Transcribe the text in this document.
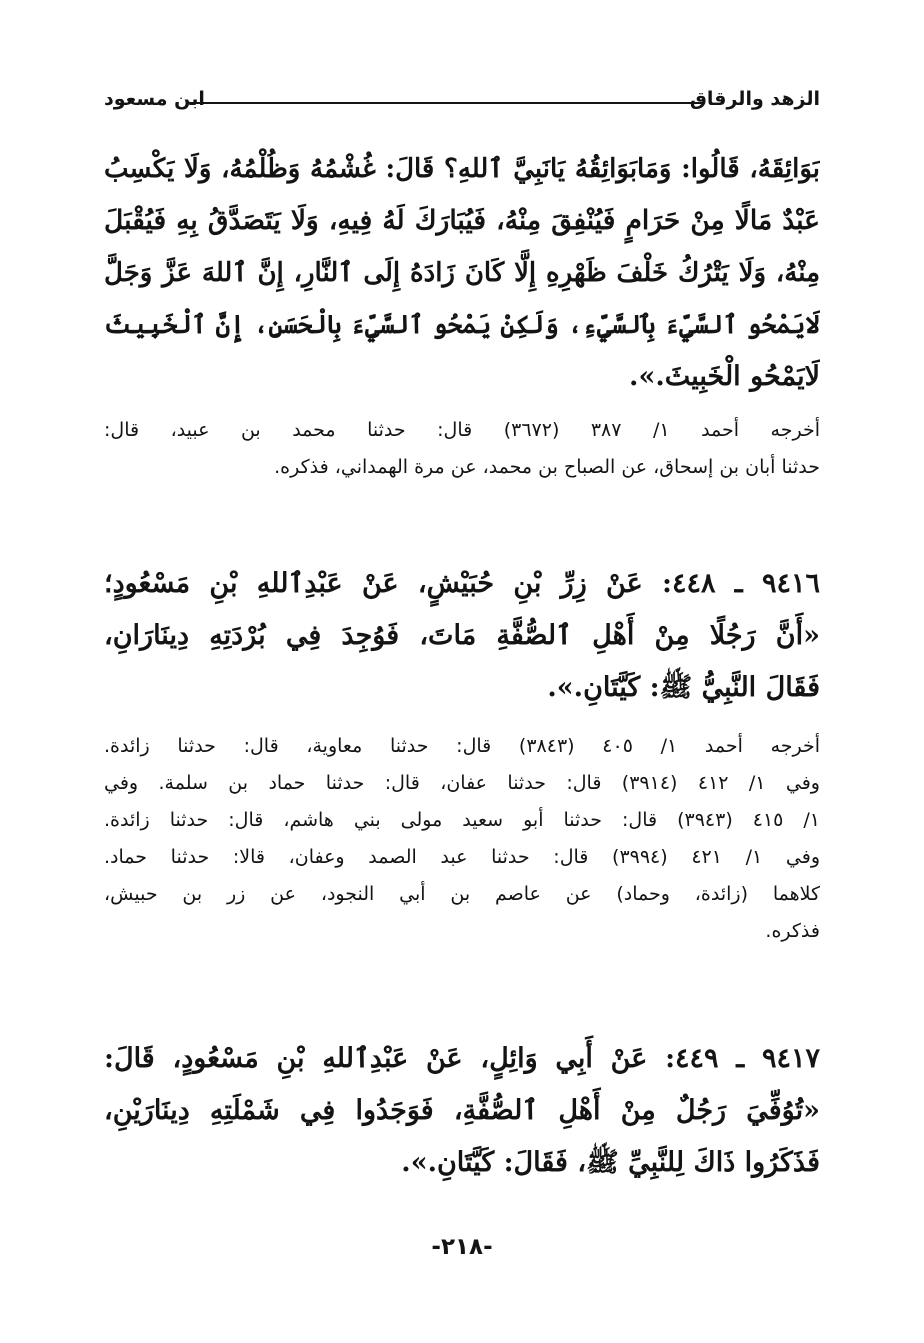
الزهد والرقاق
ابن مسعود
بَوَائِقَهُ، قَالُوا: وَمَابَوَائِقُهُ يَانَبِيَّ ٱللهِ؟ قَالَ: غُشْمُهُ وَظُلْمُهُ، وَلَا يَكْسِبُ
عَبْدٌ مَالًا مِنْ حَرَامٍ فَيُنْفِقَ مِنْهُ، فَيُبَارَكَ لَهُ فِيهِ، وَلَا يَتَصَدَّقُ بِهِ فَيُقْبَلَ
مِنْهُ، وَلَا يَتْرُكُ خَلْفَ ظَهْرِهِ إِلَّا كَانَ زَادَهُ إِلَى ٱلنَّارِ، إِنَّ ٱللهَ عَزَّ وَجَلَّ
لَايَمْحُو ٱلسَّيِّءَ بِٱلسَّيِّءِ، وَلَكِنْ يَمْحُو ٱلسَّيِّءَ بِالْحَسَنِ، إِنَّ ٱلْخَبِيثَ
لَايَمْحُو الْخَبِيثَ.».
أخرجه أحمد ١/ ٣٨٧ (٣٦٧٢) قال: حدثنا محمد بن عبيد، قال:
حدثنا أبان بن إسحاق، عن الصباح بن محمد، عن مرة الهمداني، فذكره.
٩٤١٦ ـ ٤٤٨: عَنْ زِرِّ بْنِ حُبَيْشٍ، عَنْ عَبْدِٱللهِ بْنِ مَسْعُودٍ؛
«أَنَّ رَجُلًا مِنْ أَهْلِ ٱلصُّفَّةِ مَاتَ، فَوُجِدَ فِي بُرْدَتِهِ دِينَارَانِ،
فَقَالَ النَّبِيُّ ﷺ: كَيَّتَانِ.».
أخرجه أحمد ١/ ٤٠٥ (٣٨٤٣) قال: حدثنا معاوية، قال: حدثنا زائدة.
وفي ١/ ٤١٢ (٣٩١٤) قال: حدثنا عفان، قال: حدثنا حماد بن سلمة. وفي
١/ ٤١٥ (٣٩٤٣) قال: حدثنا أبو سعيد مولى بني هاشم، قال: حدثنا زائدة.
وفي ١/ ٤٢١ (٣٩٩٤) قال: حدثنا عبد الصمد وعفان، قالا: حدثنا حماد.
كلاهما (زائدة، وحماد) عن عاصم بن أبي النجود، عن زر بن حبيش،
فذكره.
٩٤١٧ ـ ٤٤٩: عَنْ أَبِي وَائِلٍ، عَنْ عَبْدِٱللهِ بْنِ مَسْعُودٍ، قَالَ:
«تُوُفِّيَ رَجُلٌ مِنْ أَهْلِ ٱلصُّفَّةِ، فَوَجَدُوا فِي شَمْلَتِهِ دِينَارَيْنِ،
فَذَكَرُوا ذَاكَ لِلنَّبِيِّ ﷺ، فَقَالَ: كَيَّتَانِ.».
-٢١٨-
